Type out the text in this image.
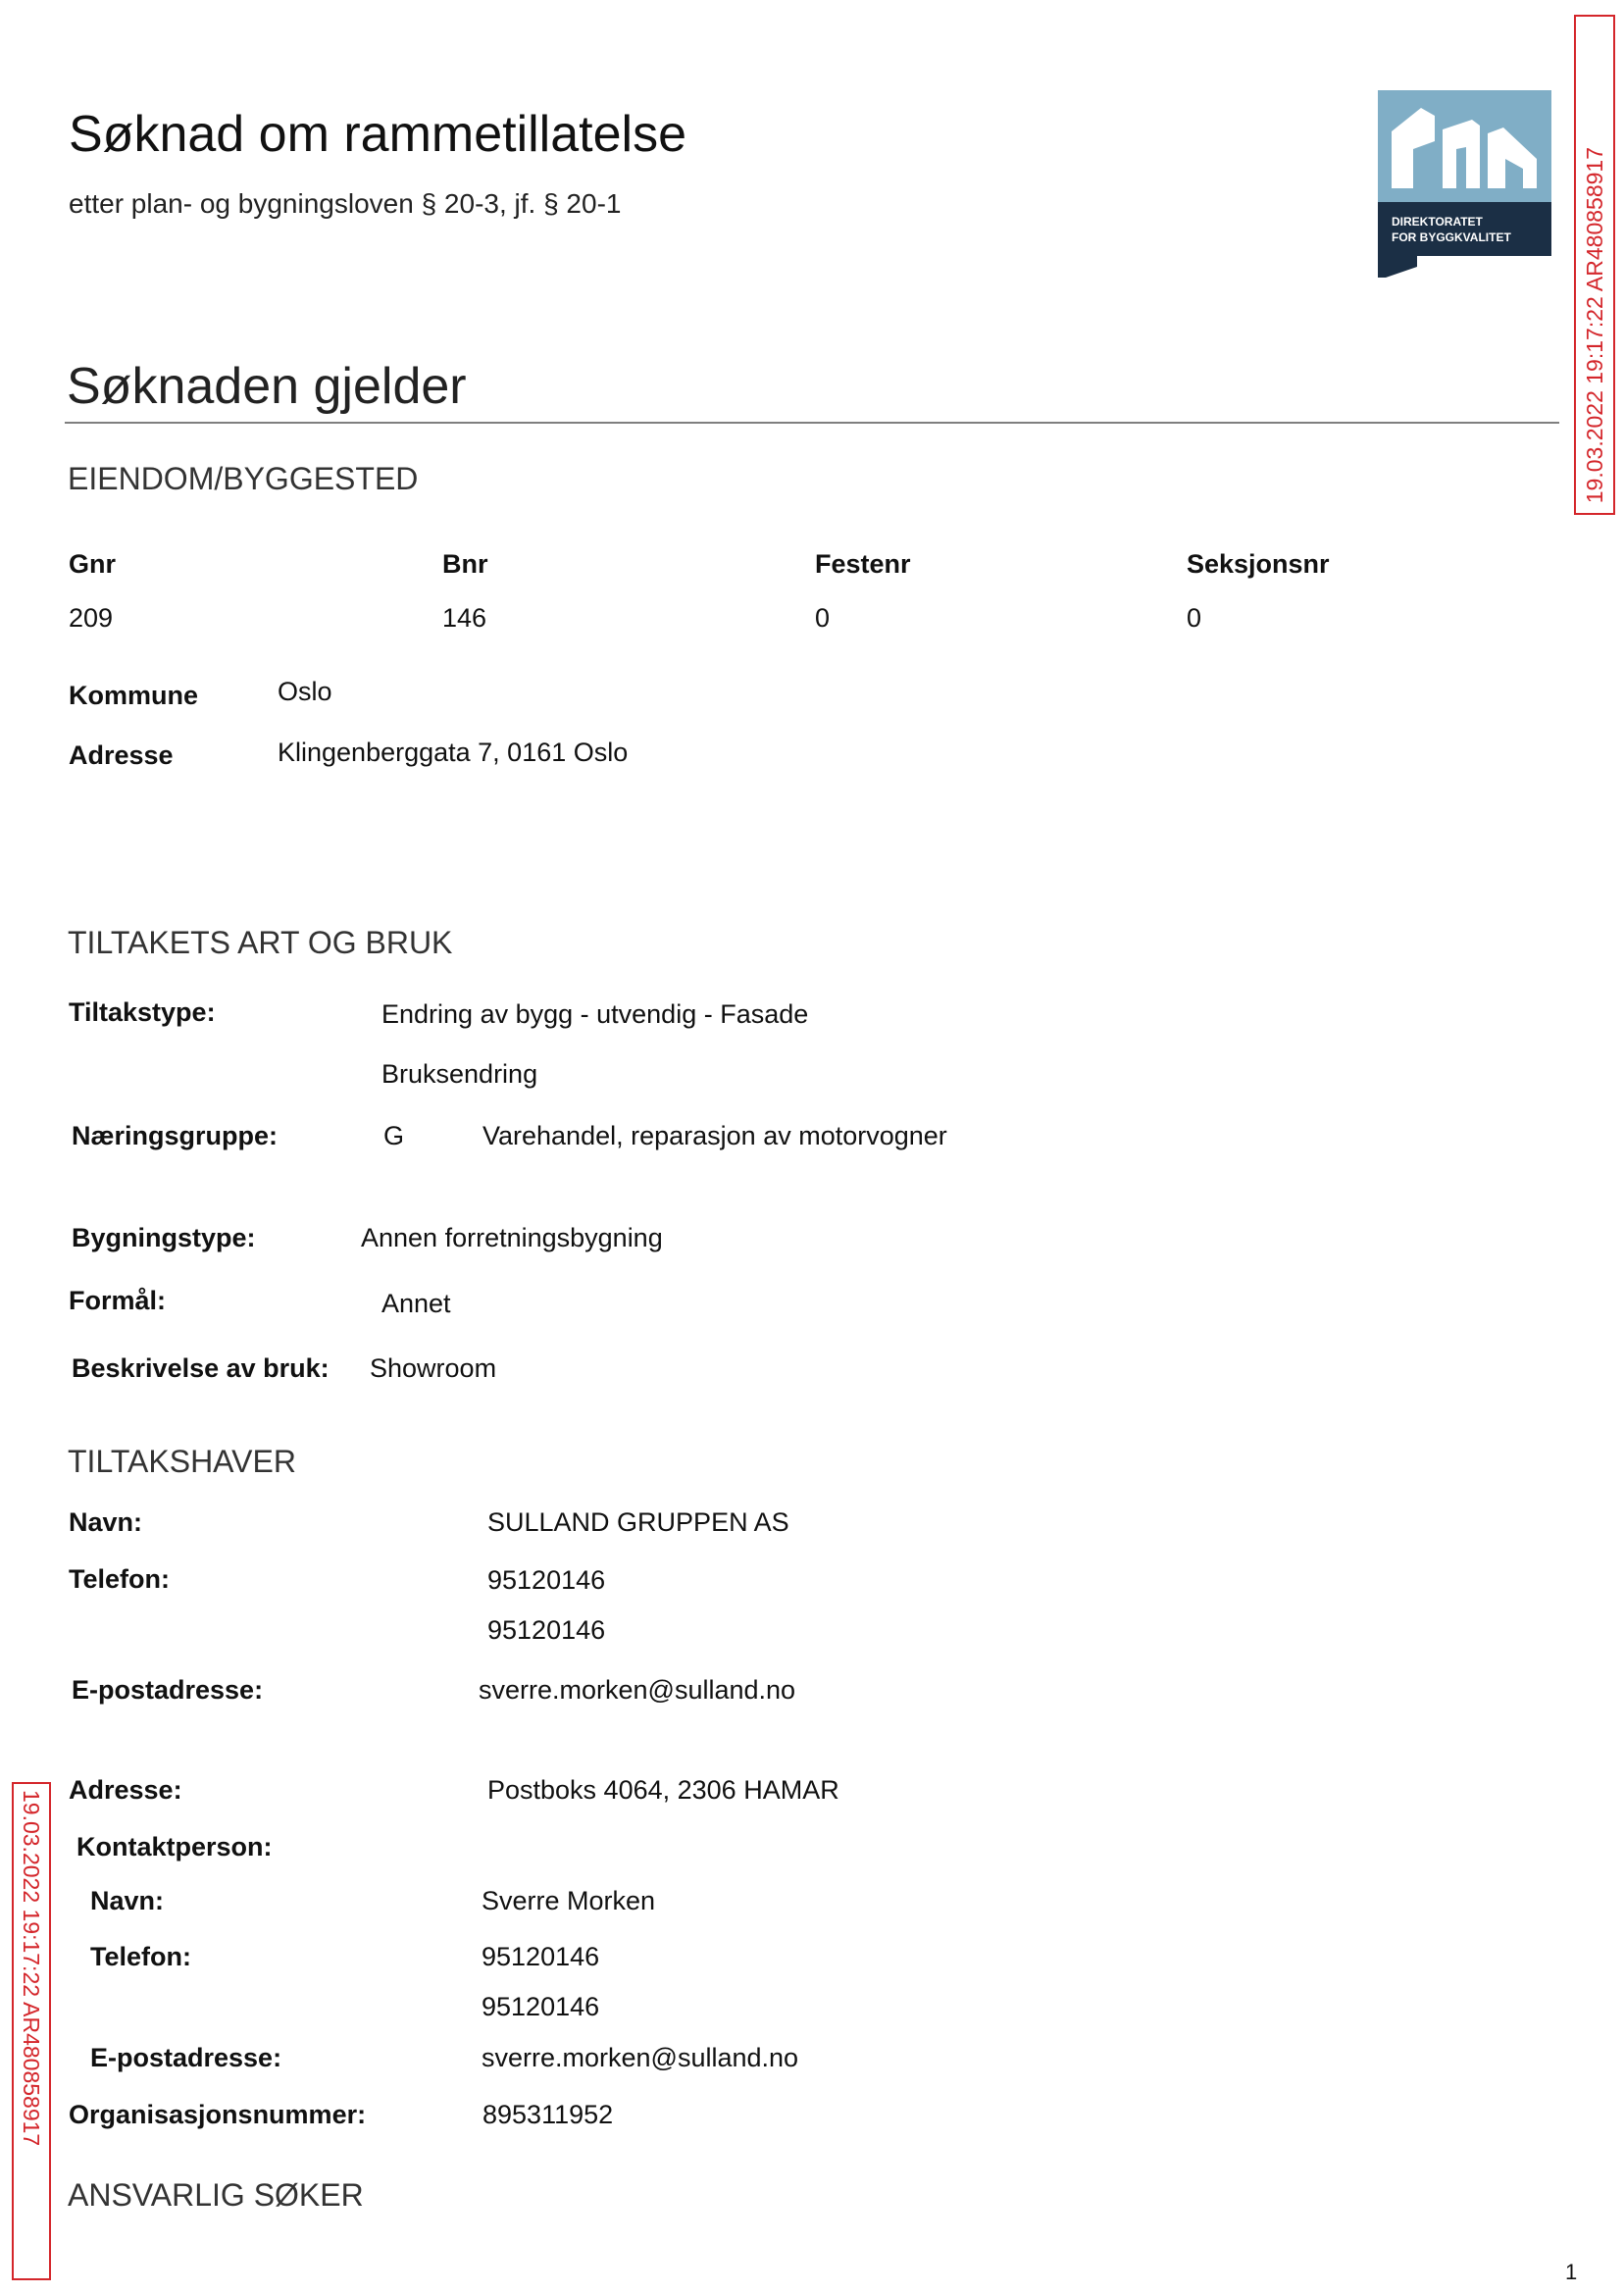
Søknad om rammetillatelse
etter plan- og bygningsloven § 20-3, jf. § 20-1
DIREKTORATET
FOR BYGGKVALITET	19.03.2022 19:17:22 AR480858917
19.03.2022 19:17:22 AR480858917
Søknaden gjelder
EIENDOM/BYGGESTED
Gnr	Bnr	Festenr	Seksjonsnr
209	146	0	0
Kommune	Oslo
Adresse	Klingenberggata 7, 0161 Oslo
TILTAKETS ART OG BRUK
Tiltakstype:	Endring av bygg - utvendig - Fasade
Bruksendring
Næringsgruppe:	G	Varehandel, reparasjon av motorvogner
Bygningstype:	Annen forretningsbygning
Formål:	Annet
Beskrivelse av bruk: Showroom
TILTAKSHAVER
Navn:	SULLAND GRUPPEN AS
Telefon:	95120146
95120146
E-postadresse:	sverre.morken@sulland.no
Adresse:	Postboks 4064, 2306 HAMAR
Kontaktperson:
Navn:	Sverre Morken
Telefon:	95120146
95120146
E-postadresse:	sverre.morken@sulland.no
Organisasjonsnummer:	895311952
ANSVARLIG SØKER
1
